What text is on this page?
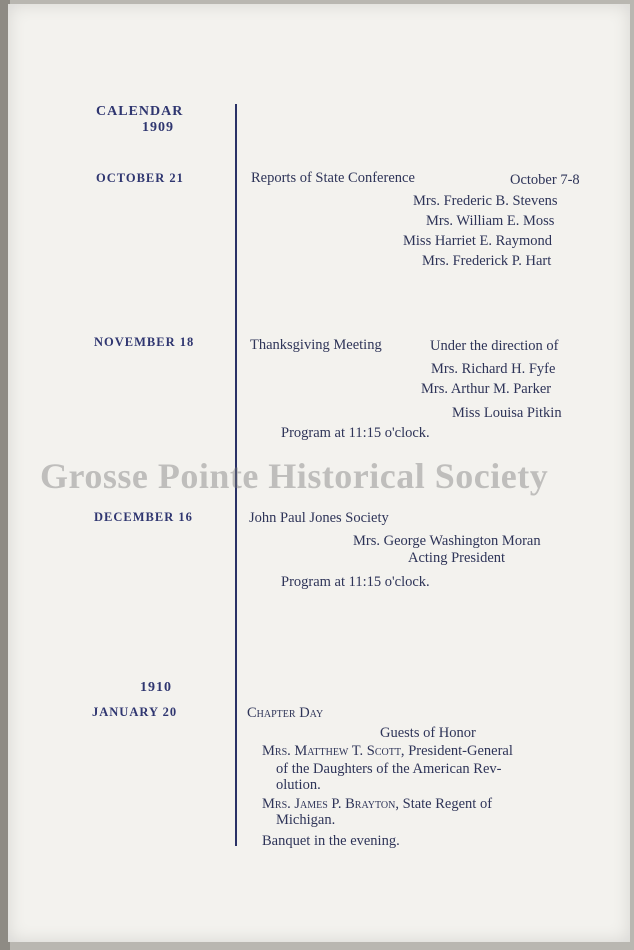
CALENDAR
1909
OCTOBER 21	Reports of State Conference	October 7-8
Mrs. Frederic B. Stevens
Mrs. William E. Moss
Miss Harriet E. Raymond
Mrs. Frederick P. Hart
NOVEMBER 18	Thanksgiving Meeting	Under the direction of
Mrs. Richard H. Fyfe
Mrs. Arthur M. Parker
Miss Louisa Pitkin
Program at 11:15 o'clock.
Grosse Pointe Historical Society
DECEMBER 16	John Paul Jones Society
Mrs. George Washington Moran
Acting President
Program at 11:15 o'clock.
1910
JANUARY 20	Chapter Day
Guests of Honor
Mrs. Matthew T. Scott, President-General
of the Daughters of the American Rev-
olution.
Mrs. James P. Brayton, State Regent of
Michigan.
Banquet in the evening.
